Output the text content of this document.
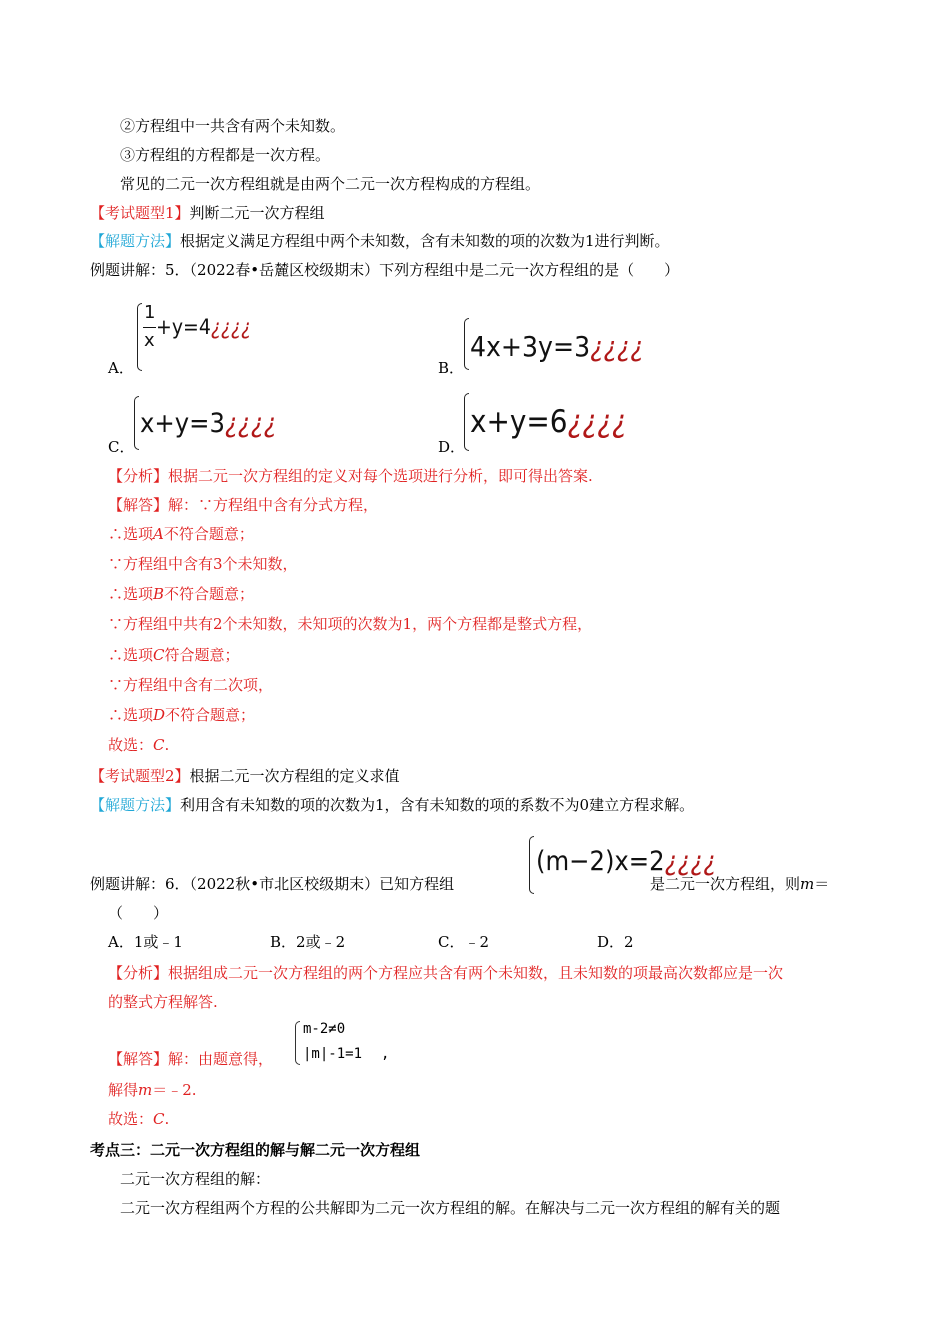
②方程组中一共含有两个未知数。
③方程组的方程都是一次方程。
常见的二元一次方程组就是由两个二元一次方程构成的方程组。
【考试题型1】判断二元一次方程组
【解题方法】根据定义满足方程组中两个未知数，含有未知数的项的次数为1进行判断。
例题讲解：5．（2022春•岳麓区校级期末）下列方程组中是二元一次方程组的是（　　）
A．
1
x
+y=4¿¿¿¿
B．
4x+3y=3¿¿¿¿
C．
x+y=3¿¿¿¿
D．
x+y=6¿¿¿¿
【分析】根据二元一次方程组的定义对每个选项进行分析，即可得出答案.
【解答】解：∵方程组中含有分式方程，
∴选项A不符合题意；
∵方程组中含有3个未知数，
∴选项B不符合题意；
∵方程组中共有2个未知数，未知项的次数为1，两个方程都是整式方程，
∴选项C符合题意；
∵方程组中含有二次项，
∴选项D不符合题意；
故选：C.
【考试题型2】根据二元一次方程组的定义求值
【解题方法】利用含有未知数的项的次数为1，含有未知数的项的系数不为0建立方程求解。
例题讲解：6．（2022秋•市北区校级期末）已知方程组
(m−2)x=2¿¿¿¿
是二元一次方程组，则m＝
（　　）
A．1或﹣1	B．2或﹣2	C．﹣2	D．2
【分析】根据组成二元一次方程组的两个方程应共含有两个未知数，且未知数的项最高次数都应是一次
的整式方程解答.
【解答】解：由题意得，
m-2≠0
|m|-1=1 ,
解得m＝﹣2.
故选：C.
考点三：二元一次方程组的解与解二元一次方程组
二元一次方程组的解：
二元一次方程组两个方程的公共解即为二元一次方程组的解。在解决与二元一次方程组的解有关的题
